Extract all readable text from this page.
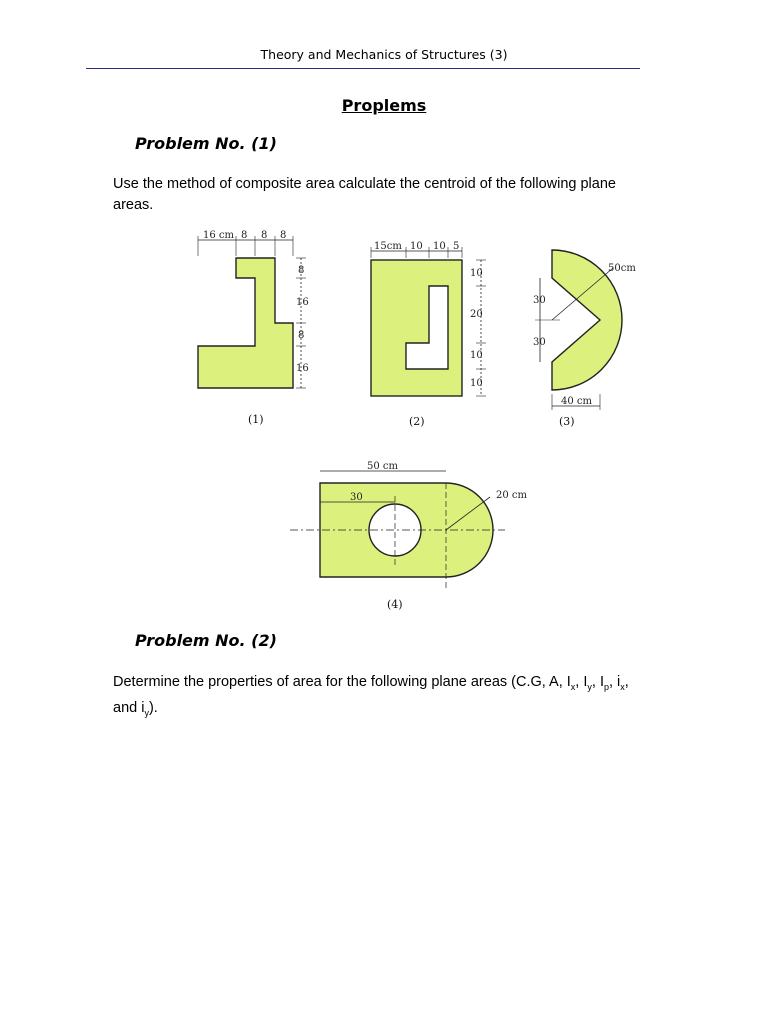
Theory and Mechanics of Structures (3)
Proplems
Problem No. (1)
Use the method of composite area calculate the centroid of the following plane areas.
16 cm 8 8 8
8
16
8
16
(1)
15cm 10 10 5
10
20
10
10
(2)
50cm
30
30
40 cm
(3)
20 cm
50 cm
30
(4)
Problem No. (2)
Determine the properties of area for the following plane areas (C.G, A, $I_x$, $I_y$, $I_p$, $i_x$, and $i_y$).
